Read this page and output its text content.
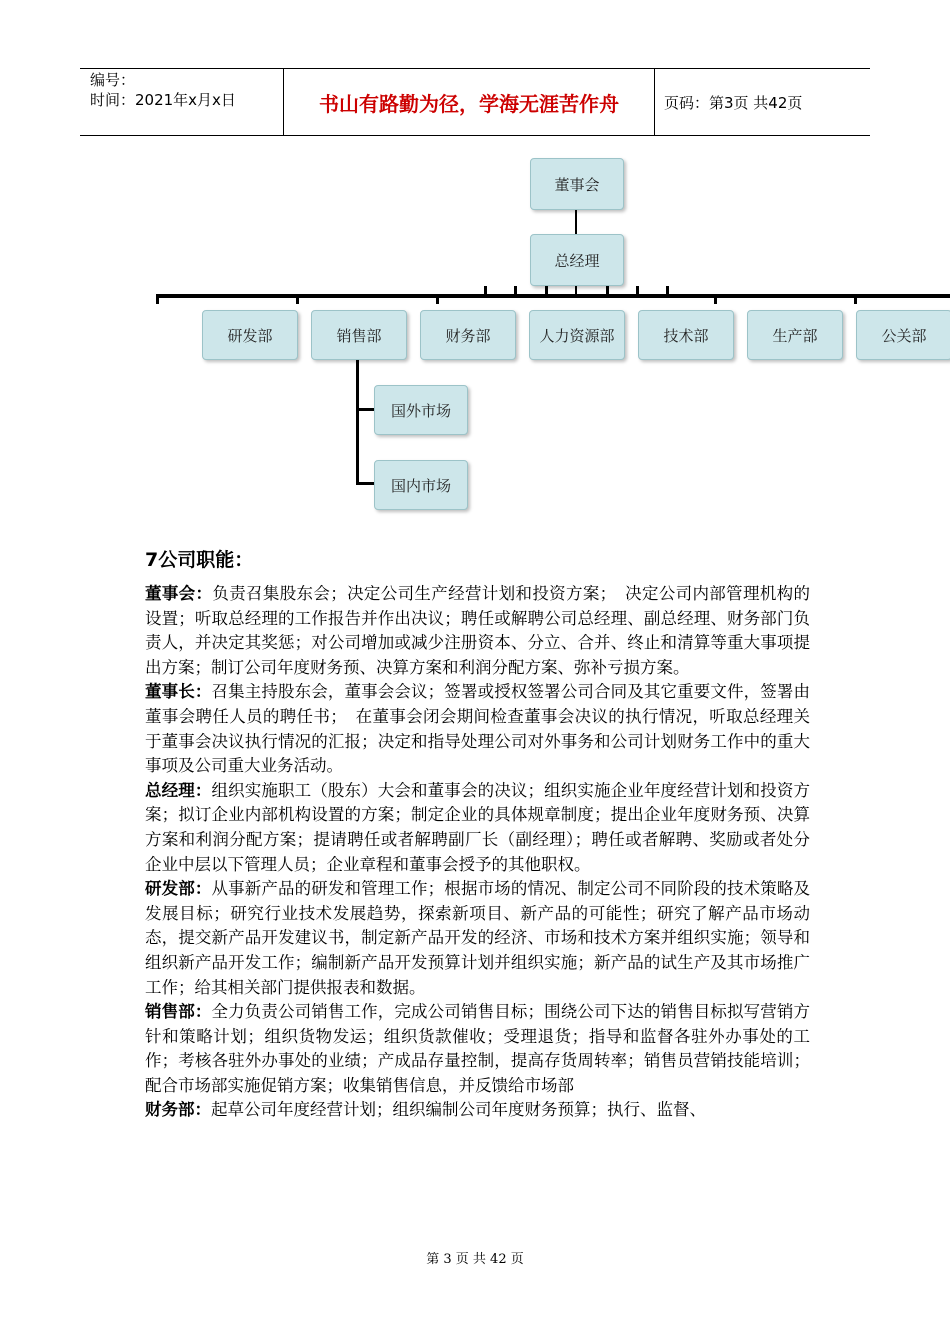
编号：
时间：2021年x月x日	书山有路勤为径，学海无涯苦作舟	页码：第3页 共42页
董事会
总经理
研发部	销售部	财务部	人力资源部	技术部	生产部	公关部
国外市场
国内市场
7公司职能：

董事会：负责召集股东会；决定公司生产经营计划和投资方案；　决定公司内部管理机构的设置；听取总经理的工作报告并作出决议；聘任或解聘公司总经理、副总经理、财务部门负责人，并决定其奖惩；对公司增加或减少注册资本、分立、合并、终止和清算等重大事项提出方案；制订公司年度财务预、决算方案和利润分配方案、弥补亏损方案。

董事长：召集主持股东会，董事会会议；签署或授权签署公司合同及其它重要文件，签署由董事会聘任人员的聘任书；　在董事会闭会期间检查董事会决议的执行情况，听取总经理关于董事会决议执行情况的汇报；决定和指导处理公司对外事务和公司计划财务工作中的重大事项及公司重大业务活动。

总经理：组织实施职工（股东）大会和董事会的决议；组织实施企业年度经营计划和投资方案；拟订企业内部机构设置的方案；制定企业的具体规章制度；提出企业年度财务预、决算方案和利润分配方案；提请聘任或者解聘副厂长（副经理）；聘任或者解聘、奖励或者处分企业中层以下管理人员；企业章程和董事会授予的其他职权。

研发部：从事新产品的研发和管理工作；根据市场的情况、制定公司不同阶段的技术策略及发展目标；研究行业技术发展趋势，探索新项目、新产品的可能性；研究了解产品市场动态，提交新产品开发建议书，制定新产品开发的经济、市场和技术方案并组织实施；领导和组织新产品开发工作；编制新产品开发预算计划并组织实施；新产品的试生产及其市场推广工作；给其相关部门提供报表和数据。

销售部：全力负责公司销售工作，完成公司销售目标；围绕公司下达的销售目标拟写营销方针和策略计划；组织货物发运；组织货款催收；受理退货；指导和监督各驻外办事处的工作；考核各驻外办事处的业绩；产成品存量控制，提高存货周转率；销售员营销技能培训；配合市场部实施促销方案；收集销售信息，并反馈给市场部

财务部：起草公司年度经营计划；组织编制公司年度财务预算；执行、监督、

第 3 页 共 42 页
